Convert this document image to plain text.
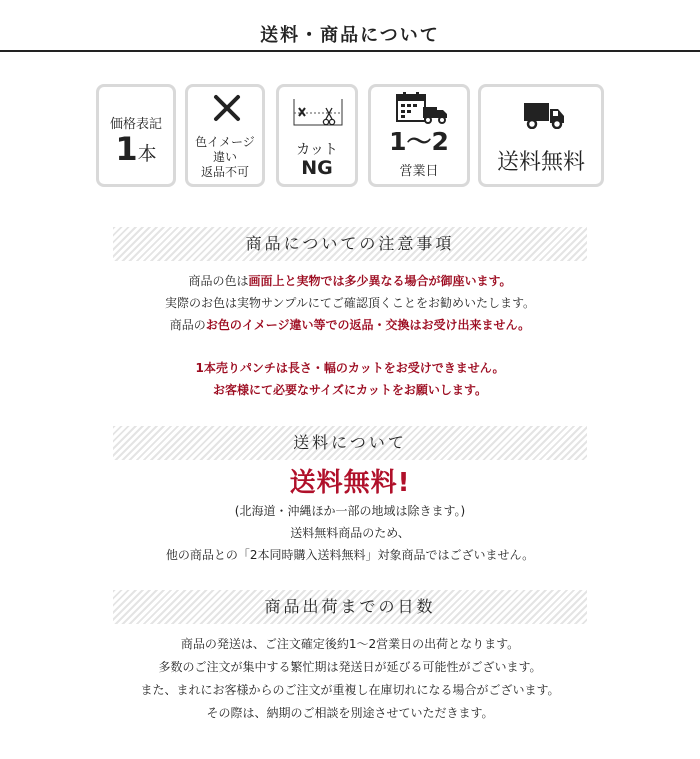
送料・商品について
価格表記
1本
色イメージ
違い
返品不可
カット
NG
1〜2
営業日	送料無料
商品についての注意事項
商品の色は画面上と実物では多少異なる場合が御座います。
実際のお色は実物サンプルにてご確認頂くことをお勧めいたします。
商品のお色のイメージ違い等での返品・交換はお受け出来ません。
1本売りパンチは長さ・幅のカットをお受けできません。
お客様にて必要なサイズにカットをお願いします。
送料について
送料無料!
(北海道・沖縄ほか一部の地域は除きます。)
送料無料商品のため、
他の商品との「2本同時購入送料無料」対象商品ではございません。
商品出荷までの日数
商品の発送は、ご注文確定後約1〜2営業日の出荷となります。
多数のご注文が集中する繁忙期は発送日が延びる可能性がございます。
また、まれにお客様からのご注文が重複し在庫切れになる場合がございます。
その際は、納期のご相談を別途させていただきます。
